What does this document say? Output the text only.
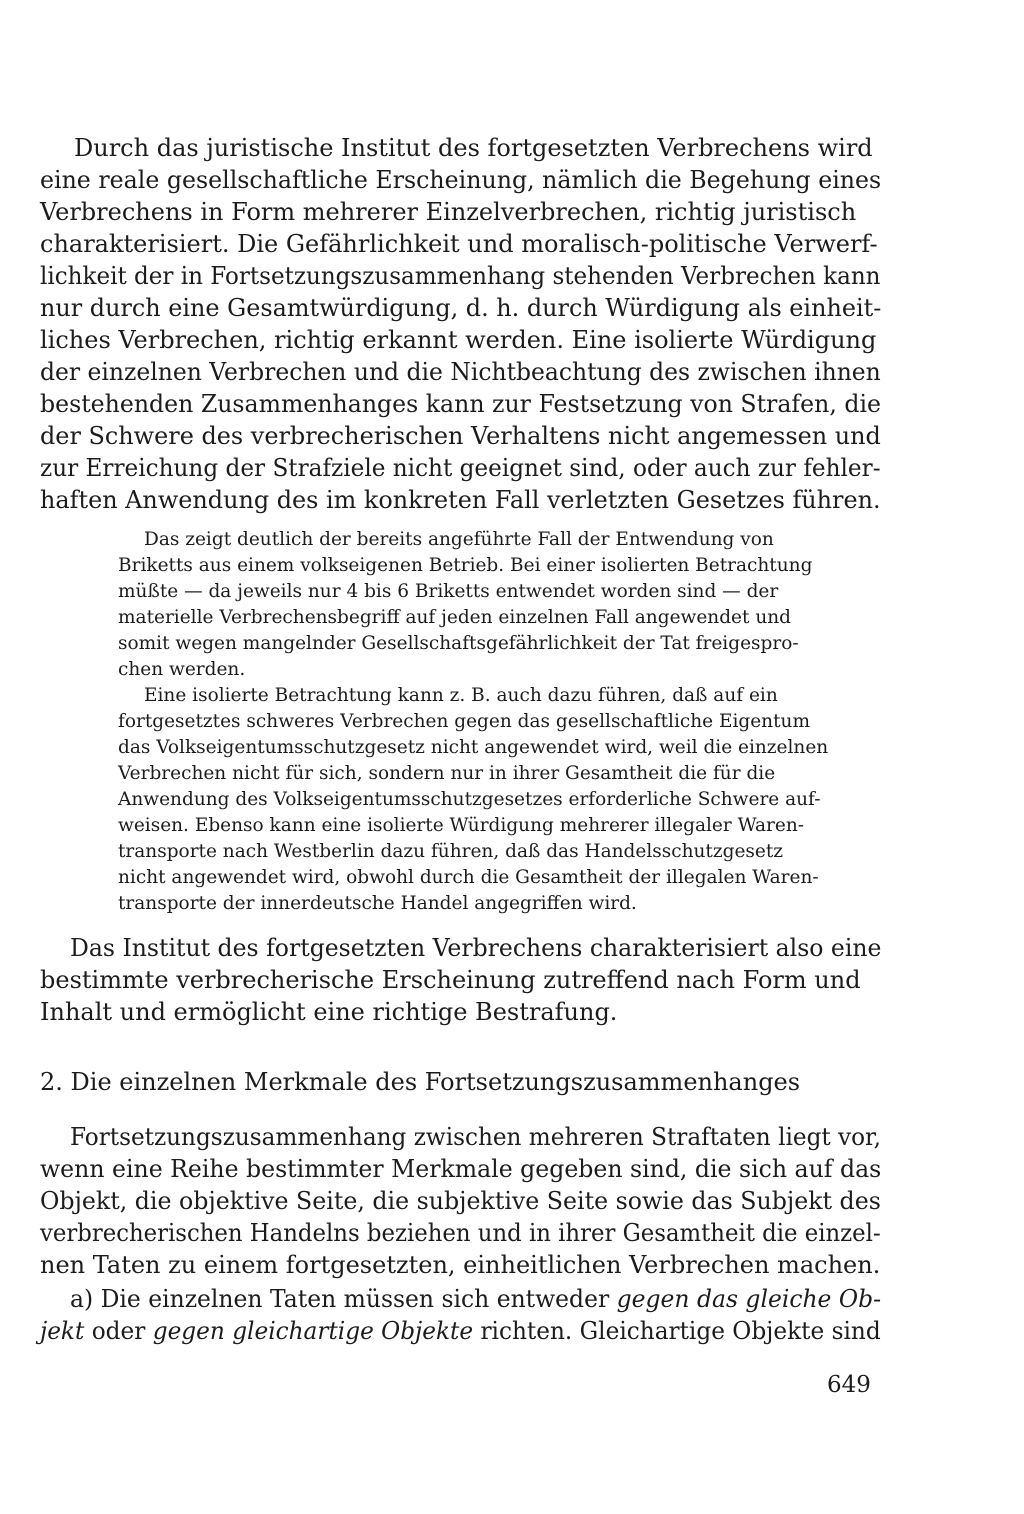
Durch das juristische Institut des fortgesetzten Verbrechens wird
eine reale gesellschaftliche Erscheinung, nämlich die Begehung eines
Verbrechens in Form mehrerer Einzelverbrechen, richtig juristisch
charakterisiert. Die Gefährlichkeit und moralisch-politische Verwerf-
lichkeit der in Fortsetzungszusammenhang stehenden Verbrechen kann
nur durch eine Gesamtwürdigung, d. h. durch Würdigung als einheit-
liches Verbrechen, richtig erkannt werden. Eine isolierte Würdigung
der einzelnen Verbrechen und die Nichtbeachtung des zwischen ihnen
bestehenden Zusammenhanges kann zur Festsetzung von Strafen, die
der Schwere des verbrecherischen Verhaltens nicht angemessen und
zur Erreichung der Strafziele nicht geeignet sind, oder auch zur fehler-
haften Anwendung des im konkreten Fall verletzten Gesetzes führen.
Das zeigt deutlich der bereits angeführte Fall der Entwendung von
Briketts aus einem volkseigenen Betrieb. Bei einer isolierten Betrachtung
müßte — da jeweils nur 4 bis 6 Briketts entwendet worden sind — der
materielle Verbrechensbegriff auf jeden einzelnen Fall angewendet und
somit wegen mangelnder Gesellschaftsgefährlichkeit der Tat freigespro-
chen werden.
Eine isolierte Betrachtung kann z. B. auch dazu führen, daß auf ein
fortgesetztes schweres Verbrechen gegen das gesellschaftliche Eigentum
das Volkseigentumsschutzgesetz nicht angewendet wird, weil die einzelnen
Verbrechen nicht für sich, sondern nur in ihrer Gesamtheit die für die
Anwendung des Volkseigentumsschutzgesetzes erforderliche Schwere auf-
weisen. Ebenso kann eine isolierte Würdigung mehrerer illegaler Waren-
transporte nach Westberlin dazu führen, daß das Handelsschutzgesetz
nicht angewendet wird, obwohl durch die Gesamtheit der illegalen Waren-
transporte der innerdeutsche Handel angegriffen wird.
Das Institut des fortgesetzten Verbrechens charakterisiert also eine
bestimmte verbrecherische Erscheinung zutreffend nach Form und
Inhalt und ermöglicht eine richtige Bestrafung.
2. Die einzelnen Merkmale des Fortsetzungszusammenhanges
Fortsetzungszusammenhang zwischen mehreren Straftaten liegt vor,
wenn eine Reihe bestimmter Merkmale gegeben sind, die sich auf das
Objekt, die objektive Seite, die subjektive Seite sowie das Subjekt des
verbrecherischen Handelns beziehen und in ihrer Gesamtheit die einzel-
nen Taten zu einem fortgesetzten, einheitlichen Verbrechen machen.
a) Die einzelnen Taten müssen sich entweder gegen das gleiche Ob-
jekt oder gegen gleichartige Objekte richten. Gleichartige Objekte sind
649
